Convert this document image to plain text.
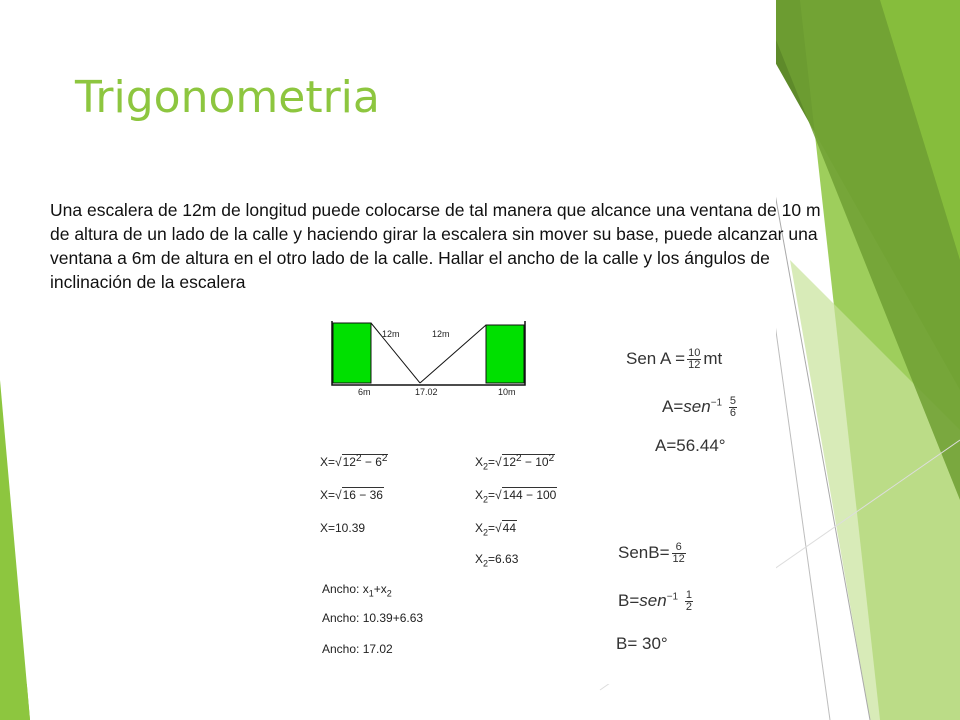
Trigonometria

Una escalera de 12m de longitud puede colocarse de tal manera que alcance una ventana de 10 m de altura de un lado de la calle y haciendo girar la escalera sin mover su base, puede alcanzar una ventana a 6m de altura en el otro lado de la calle. Hallar el ancho de la calle y los ángulos de inclinación de la escalera

12m	12m
6m	17.02	10m
$X=√12^2 - 6^2$
X=√16 − 36
X=10.39
$X_2=√12^2 - 10^2$
$X_2=√144 - 100$
$X_2=√44$
$X_2=6.63$
Ancho: $x_1+x_2$
Ancho: 10.39+6.63
Ancho: 17.02
Sen $A = \frac{10}{12}$ mt
$A=sen^{-1} \frac{5}{6}$
A=56.44°
SenB= $\frac{6}{12}$
$B=sen^{-1} \frac{1}{2}$
B= 30°
